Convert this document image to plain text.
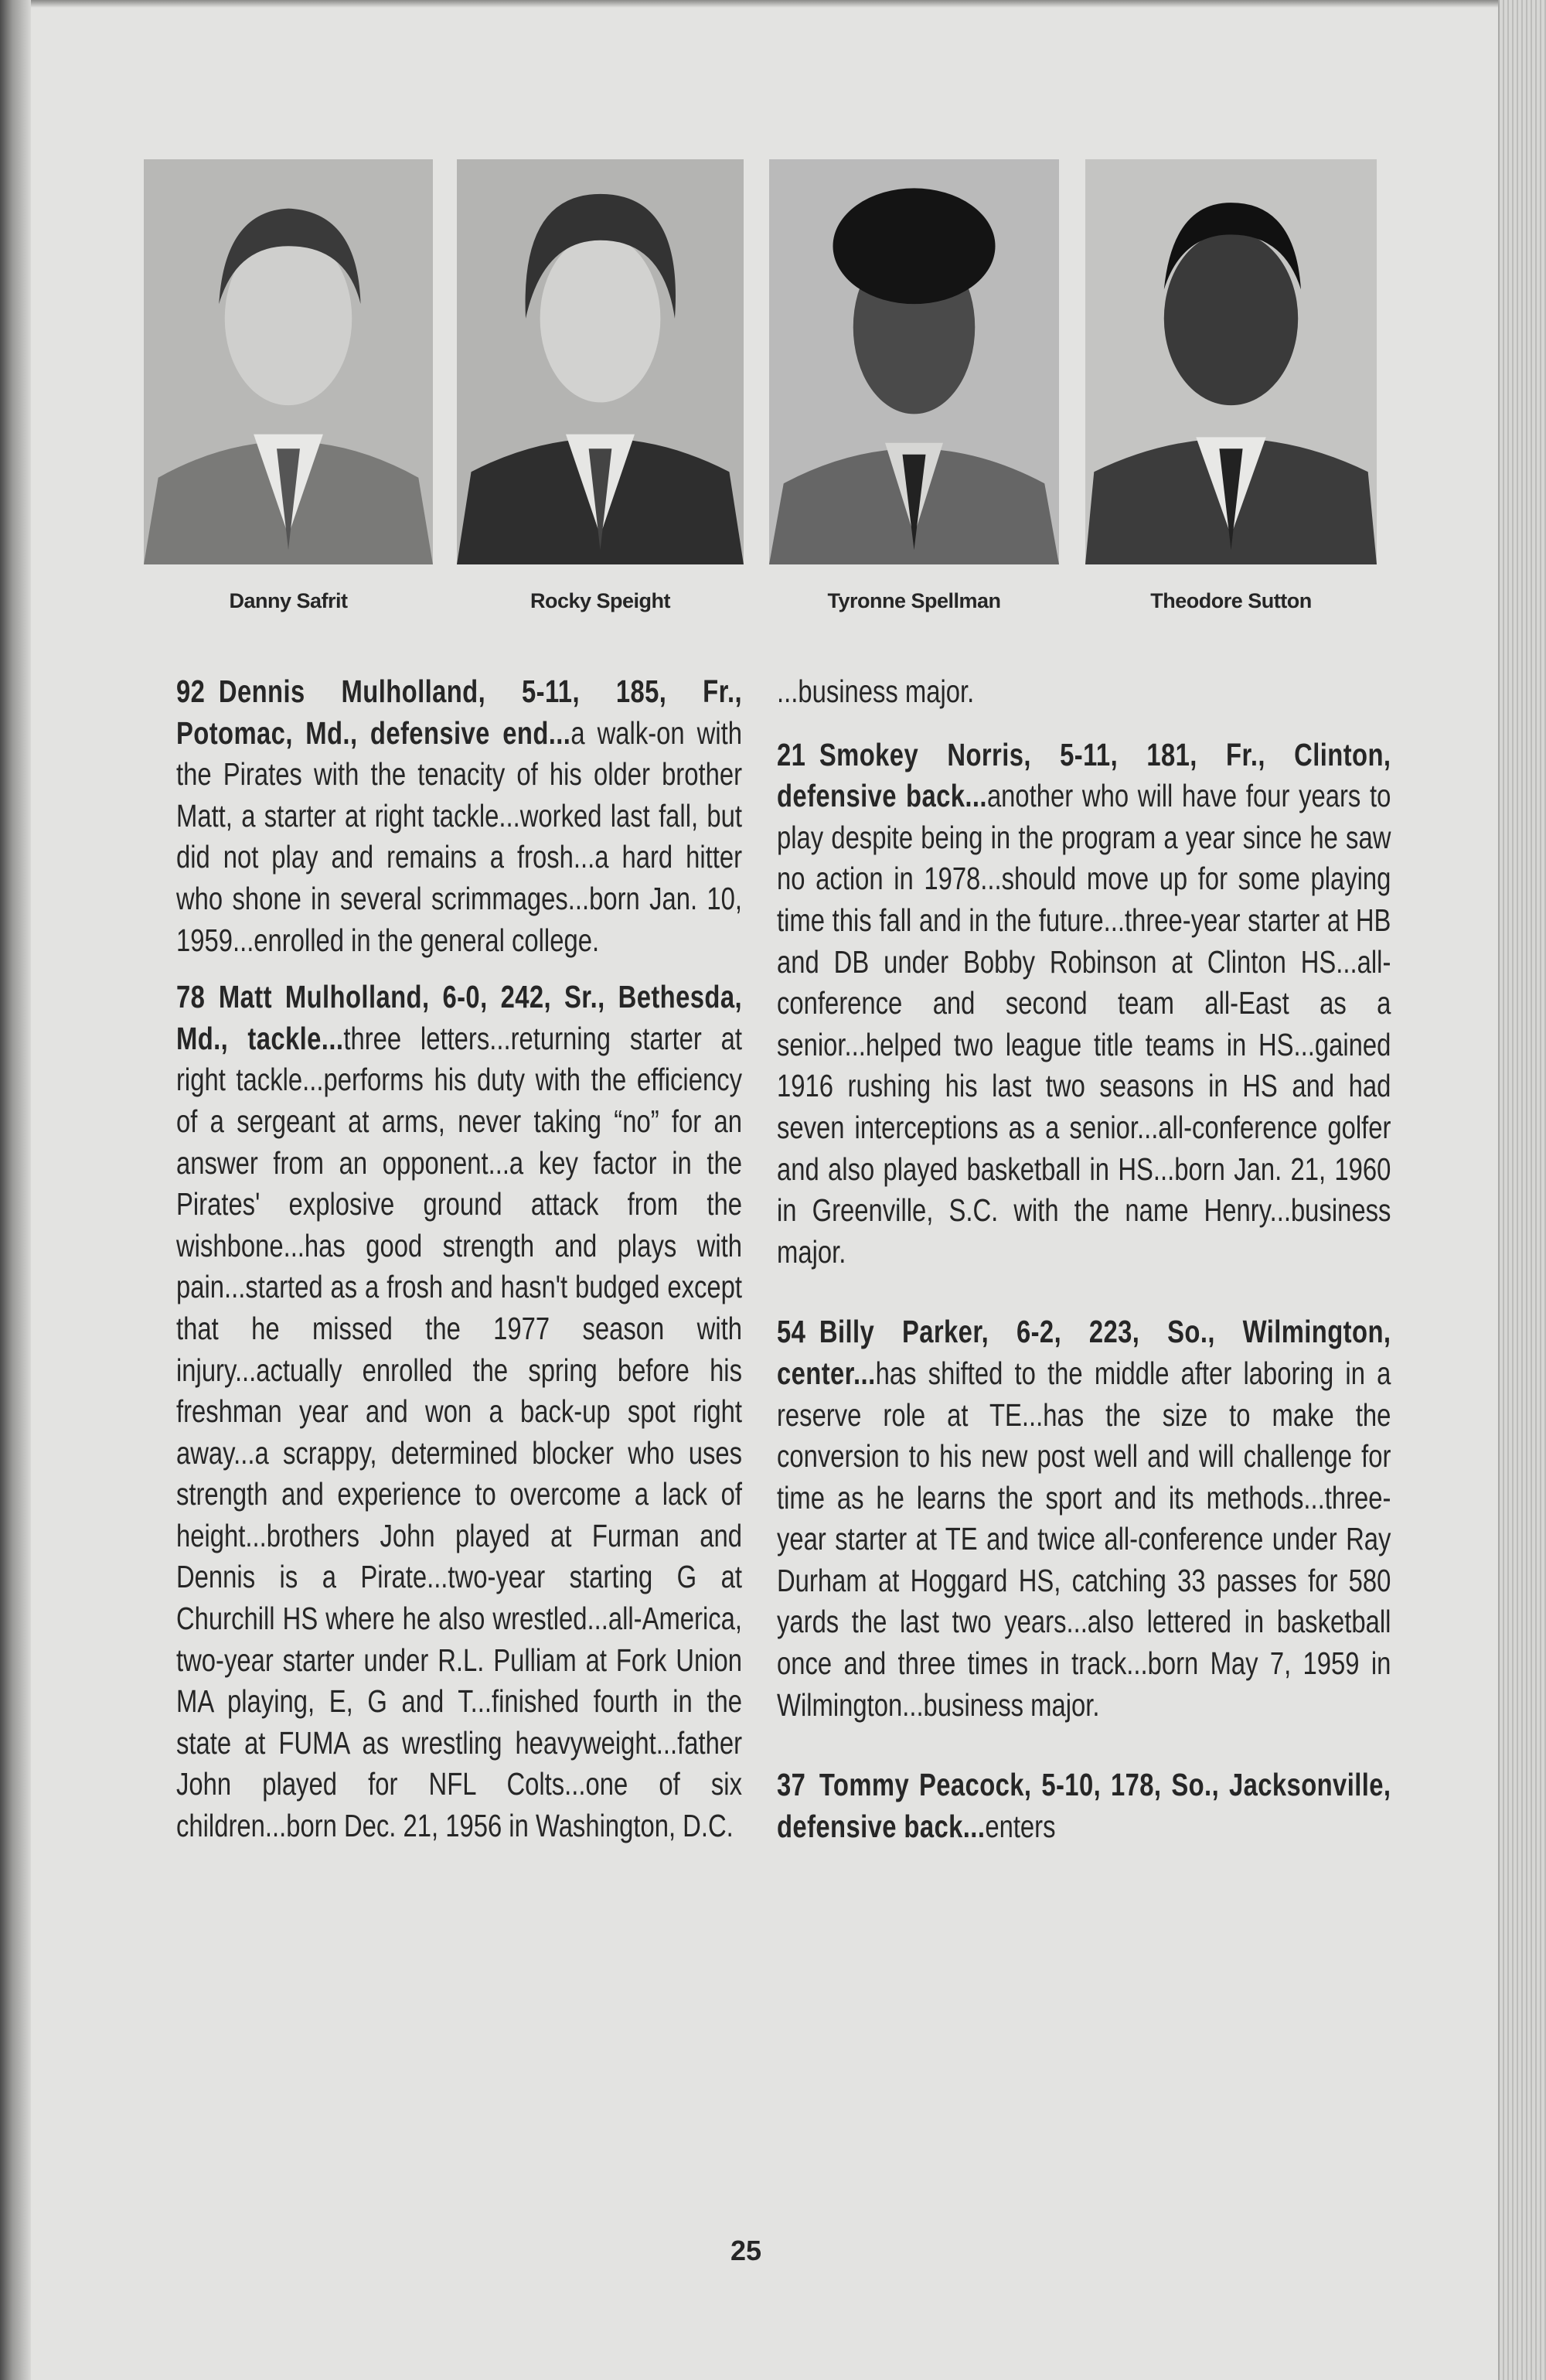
Danny Safrit	Rocky Speight	Tyronne Spellman	Theodore Sutton

92 Dennis Mulholland, 5-11, 185, Fr., Potomac, Md., defensive end...a walk-on with the Pirates with the tenacity of his older brother Matt, a starter at right tackle...worked last fall, but did not play and remains a frosh...a hard hitter who shone in several scrimmages...born Jan. 10, 1959...enrolled in the general college.

78 Matt Mulholland, 6-0, 242, Sr., Bethesda, Md., tackle...three letters...returning starter at right tackle...performs his duty with the efficiency of a sergeant at arms, never taking “no” for an answer from an opponent...a key factor in the Pirates' explosive ground attack from the wishbone...has good strength and plays with pain...started as a frosh and hasn't budged except that he missed the 1977 season with injury...actually enrolled the spring before his freshman year and won a back-up spot right away...a scrappy, determined blocker who uses strength and experience to overcome a lack of height...brothers John played at Furman and Dennis is a Pirate...two-year starting G at Churchill HS where he also wrestled...all-America, two-year starter under R.L. Pulliam at Fork Union MA playing, E, G and T...finished fourth in the state at FUMA as wrestling heavyweight...father John played for NFL Colts...one of six children...born Dec. 21, 1956 in Washington, D.C.

...business major.

21 Smokey Norris, 5-11, 181, Fr., Clinton, defensive back...another who will have four years to play despite being in the program a year since he saw no action in 1978...should move up for some playing time this fall and in the future...three-year starter at HB and DB under Bobby Robinson at Clinton HS...all-conference and second team all-East as a senior...helped two league title teams in HS...gained 1916 rushing his last two seasons in HS and had seven interceptions as a senior...all-conference golfer and also played basketball in HS...born Jan. 21, 1960 in Greenville, S.C. with the name Henry...business major.

54 Billy Parker, 6-2, 223, So., Wilmington, center...has shifted to the middle after laboring in a reserve role at TE...has the size to make the conversion to his new post well and will challenge for time as he learns the sport and its methods...three-year starter at TE and twice all-conference under Ray Durham at Hoggard HS, catching 33 passes for 580 yards the last two years...also lettered in basketball once and three times in track...born May 7, 1959 in Wilmington...business major.

37 Tommy Peacock, 5-10, 178, So., Jacksonville, defensive back...enters

25
